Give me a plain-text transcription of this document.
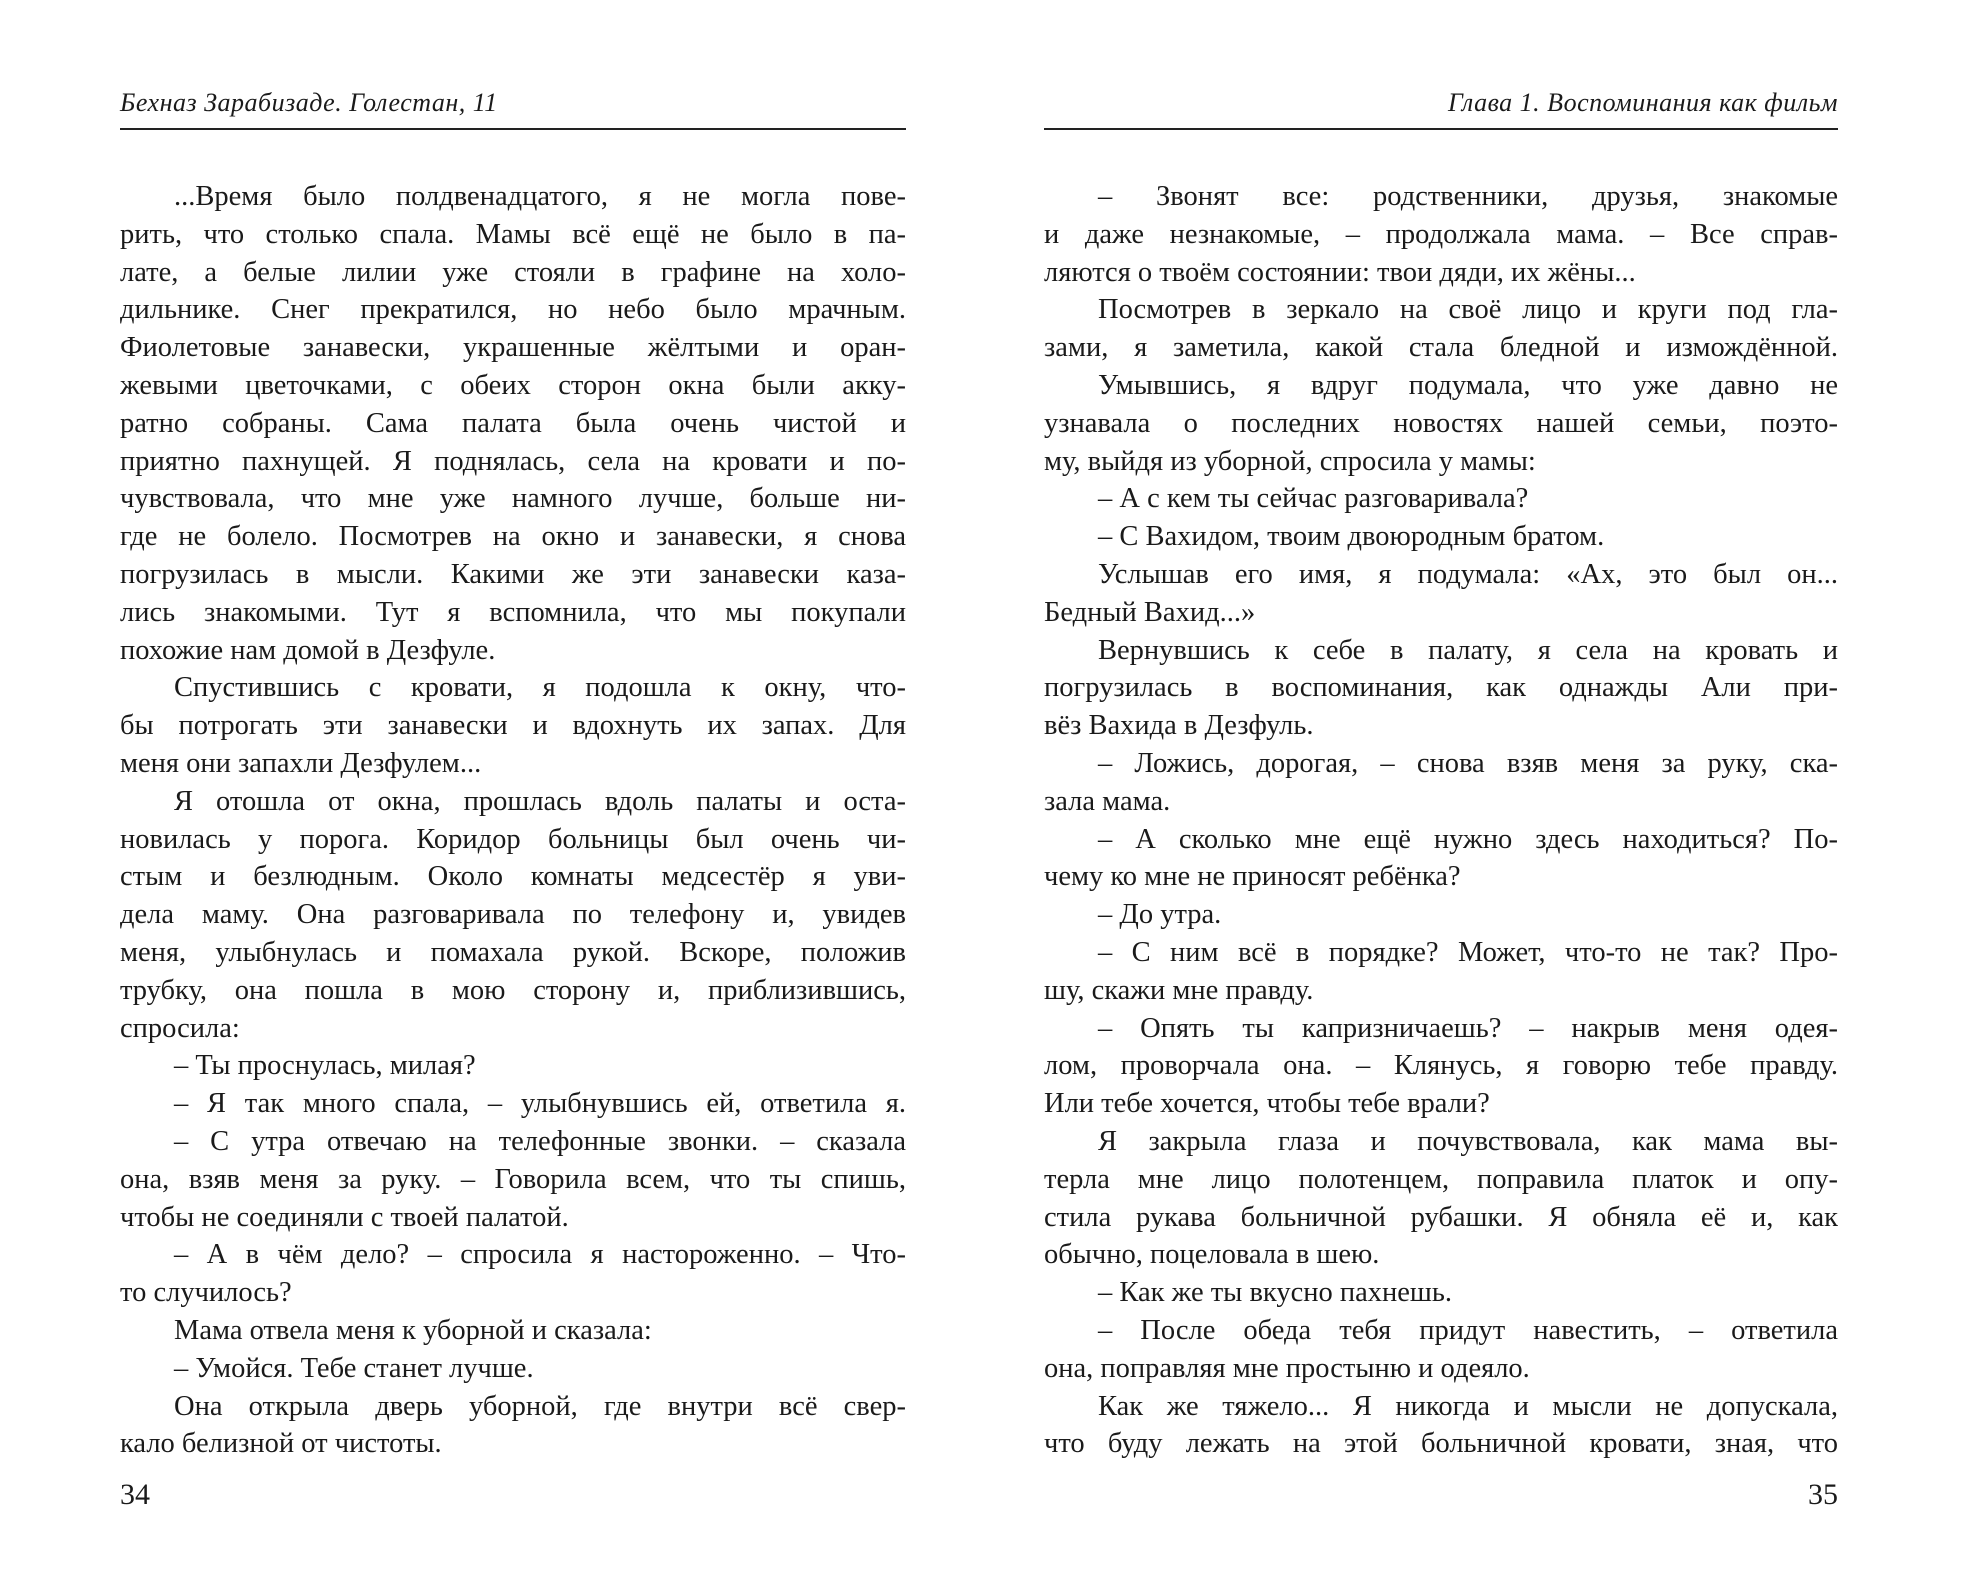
Бехназ Зарабизаде. Голестан, 11
...Время было полдвенадцатого, я не могла пове-
рить, что столько спала. Мамы всё ещё не было в па-
лате, а белые лилии уже стояли в графине на холо-
дильнике. Снег прекратился, но небо было мрачным.
Фиолетовые занавески, украшенные жёлтыми и оран-
жевыми цветочками, с обеих сторон окна были акку-
ратно собраны. Сама палата была очень чистой и
приятно пахнущей. Я поднялась, села на кровати и по-
чувствовала, что мне уже намного лучше, больше ни-
где не болело. Посмотрев на окно и занавески, я снова
погрузилась в мысли. Какими же эти занавески каза-
лись знакомыми. Тут я вспомнила, что мы покупали
похожие нам домой в Дезфуле.
Спустившись с кровати, я подошла к окну, что-
бы потрогать эти занавески и вдохнуть их запах. Для
меня они запахли Дезфулем...
Я отошла от окна, прошлась вдоль палаты и оста-
новилась у порога. Коридор больницы был очень чи-
стым и безлюдным. Около комнаты медсестёр я уви-
дела маму. Она разговаривала по телефону и, увидев
меня, улыбнулась и помахала рукой. Вскоре, положив
трубку, она пошла в мою сторону и, приблизившись,
спросила:
– Ты проснулась, милая?
– Я так много спала, – улыбнувшись ей, ответила я.
– С утра отвечаю на телефонные звонки. – сказала
она, взяв меня за руку. – Говорила всем, что ты спишь,
чтобы не соединяли с твоей палатой.
– А в чём дело? – спросила я настороженно. – Что-
то случилось?
Мама отвела меня к уборной и сказала:
– Умойся. Тебе станет лучше.
Она открыла дверь уборной, где внутри всё свер-
кало белизной от чистоты.
34
Глава 1. Воспоминания как фильм
– Звонят все: родственники, друзья, знакомые
и даже незнакомые, – продолжала мама. – Все справ-
ляются о твоём состоянии: твои дяди, их жёны...
Посмотрев в зеркало на своё лицо и круги под гла-
зами, я заметила, какой стала бледной и измождённой.
Умывшись, я вдруг подумала, что уже давно не
узнавала о последних новостях нашей семьи, поэто-
му, выйдя из уборной, спросила у мамы:
– А с кем ты сейчас разговаривала?
– С Вахидом, твоим двоюродным братом.
Услышав его имя, я подумала: «Ах, это был он...
Бедный Вахид...»
Вернувшись к себе в палату, я села на кровать и
погрузилась в воспоминания, как однажды Али при-
вёз Вахида в Дезфуль.
– Ложись, дорогая, – снова взяв меня за руку, ска-
зала мама.
– А сколько мне ещё нужно здесь находиться? По-
чему ко мне не приносят ребёнка?
– До утра.
– С ним всё в порядке? Может, что-то не так? Про-
шу, скажи мне правду.
– Опять ты капризничаешь? – накрыв меня одея-
лом, проворчала она. – Клянусь, я говорю тебе правду.
Или тебе хочется, чтобы тебе врали?
Я закрыла глаза и почувствовала, как мама вы-
терла мне лицо полотенцем, поправила платок и опу-
стила рукава больничной рубашки. Я обняла её и, как
обычно, поцеловала в шею.
– Как же ты вкусно пахнешь.
– После обеда тебя придут навестить, – ответила
она, поправляя мне простыню и одеяло.
Как же тяжело... Я никогда и мысли не допускала,
что буду лежать на этой больничной кровати, зная, что
35
